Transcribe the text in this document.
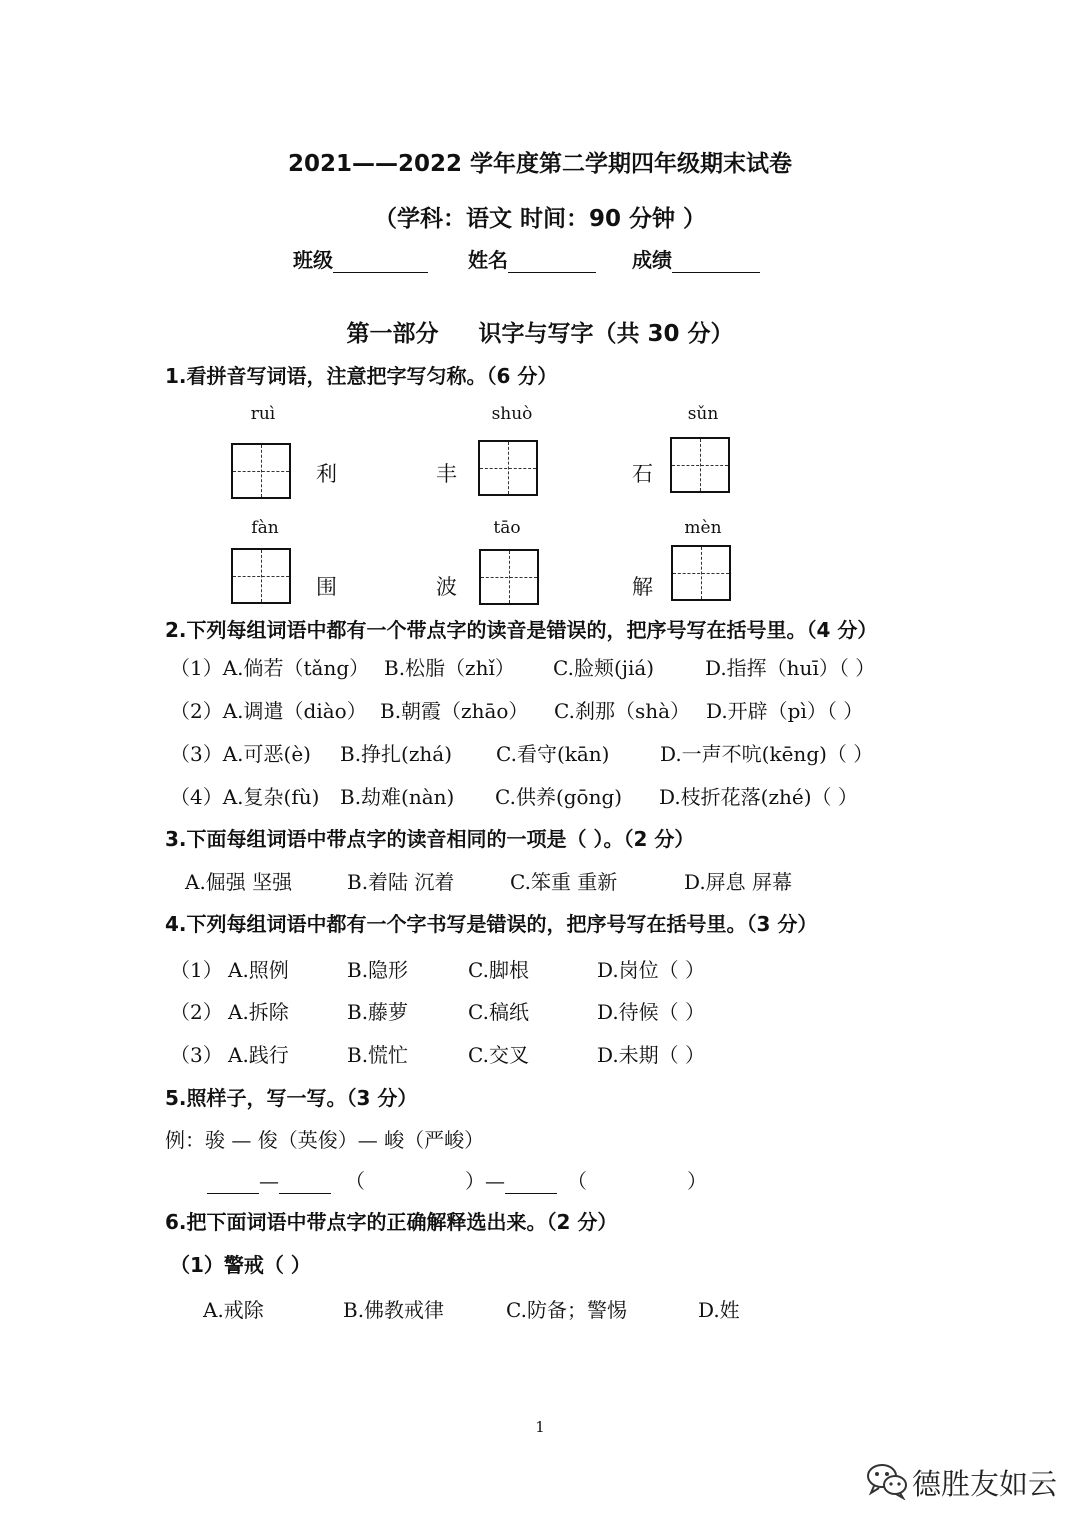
2021——2022 学年度第二学期四年级期末试卷
（学科：语文 时间：90 分钟 ）
班级	姓名	成绩
第一部分     识字与写字（共 30 分）
1.看拼音写词语，注意把字写匀称。（6 分）
ruì
利
shuò
丰
sǔn
石
fàn
围
tāo
波
mèn
解
2.下列每组词语中都有一个带点字的读音是错误的，把序号写在括号里。（4 分）
（1）A.倘若（tǎng） B.松脂（zhǐ） C.脸颊(jiá)	D.指挥（huī）（ ）
（2）A.调遣（diào） B.朝霞（zhāo） C.刹那（shà） D.开辟（pì）（ ）
（3）A.可恶(è) B.挣扎(zhá) C.看守(kān)	D.一声不吭(kēng)（ ）
（4）A.复杂(fù) B.劫难(nàn) C.供养(gōng) D.枝折花落(zhé)（ ）
3.下面每组词语中带点字的读音相同的一项是（ ）。（2 分）
A.倔强 坚强	B.着陆 沉着	C.笨重 重新	D.屏息 屏幕
4.下列每组词语中都有一个字书写是错误的，把序号写在括号里。（3 分）
（1） A.照例	B.隐形	C.脚根	D.岗位（ ）
（2） A.拆除	B.藤萝	C.稿纸	D.待候（ ）
（3） A.践行	B.慌忙	C.交叉	D.未期（ ）
5.照样子，写一写。（3 分）
例：骏 — 俊（英俊）— 峻（严峻）
—	（	）—	（	）
6.把下面词语中带点字的正确解释选出来。（2 分）
（1）警戒（ ）
A.戒除	B.佛教戒律	C.防备；警惕	D.姓
1
德胜友如云
